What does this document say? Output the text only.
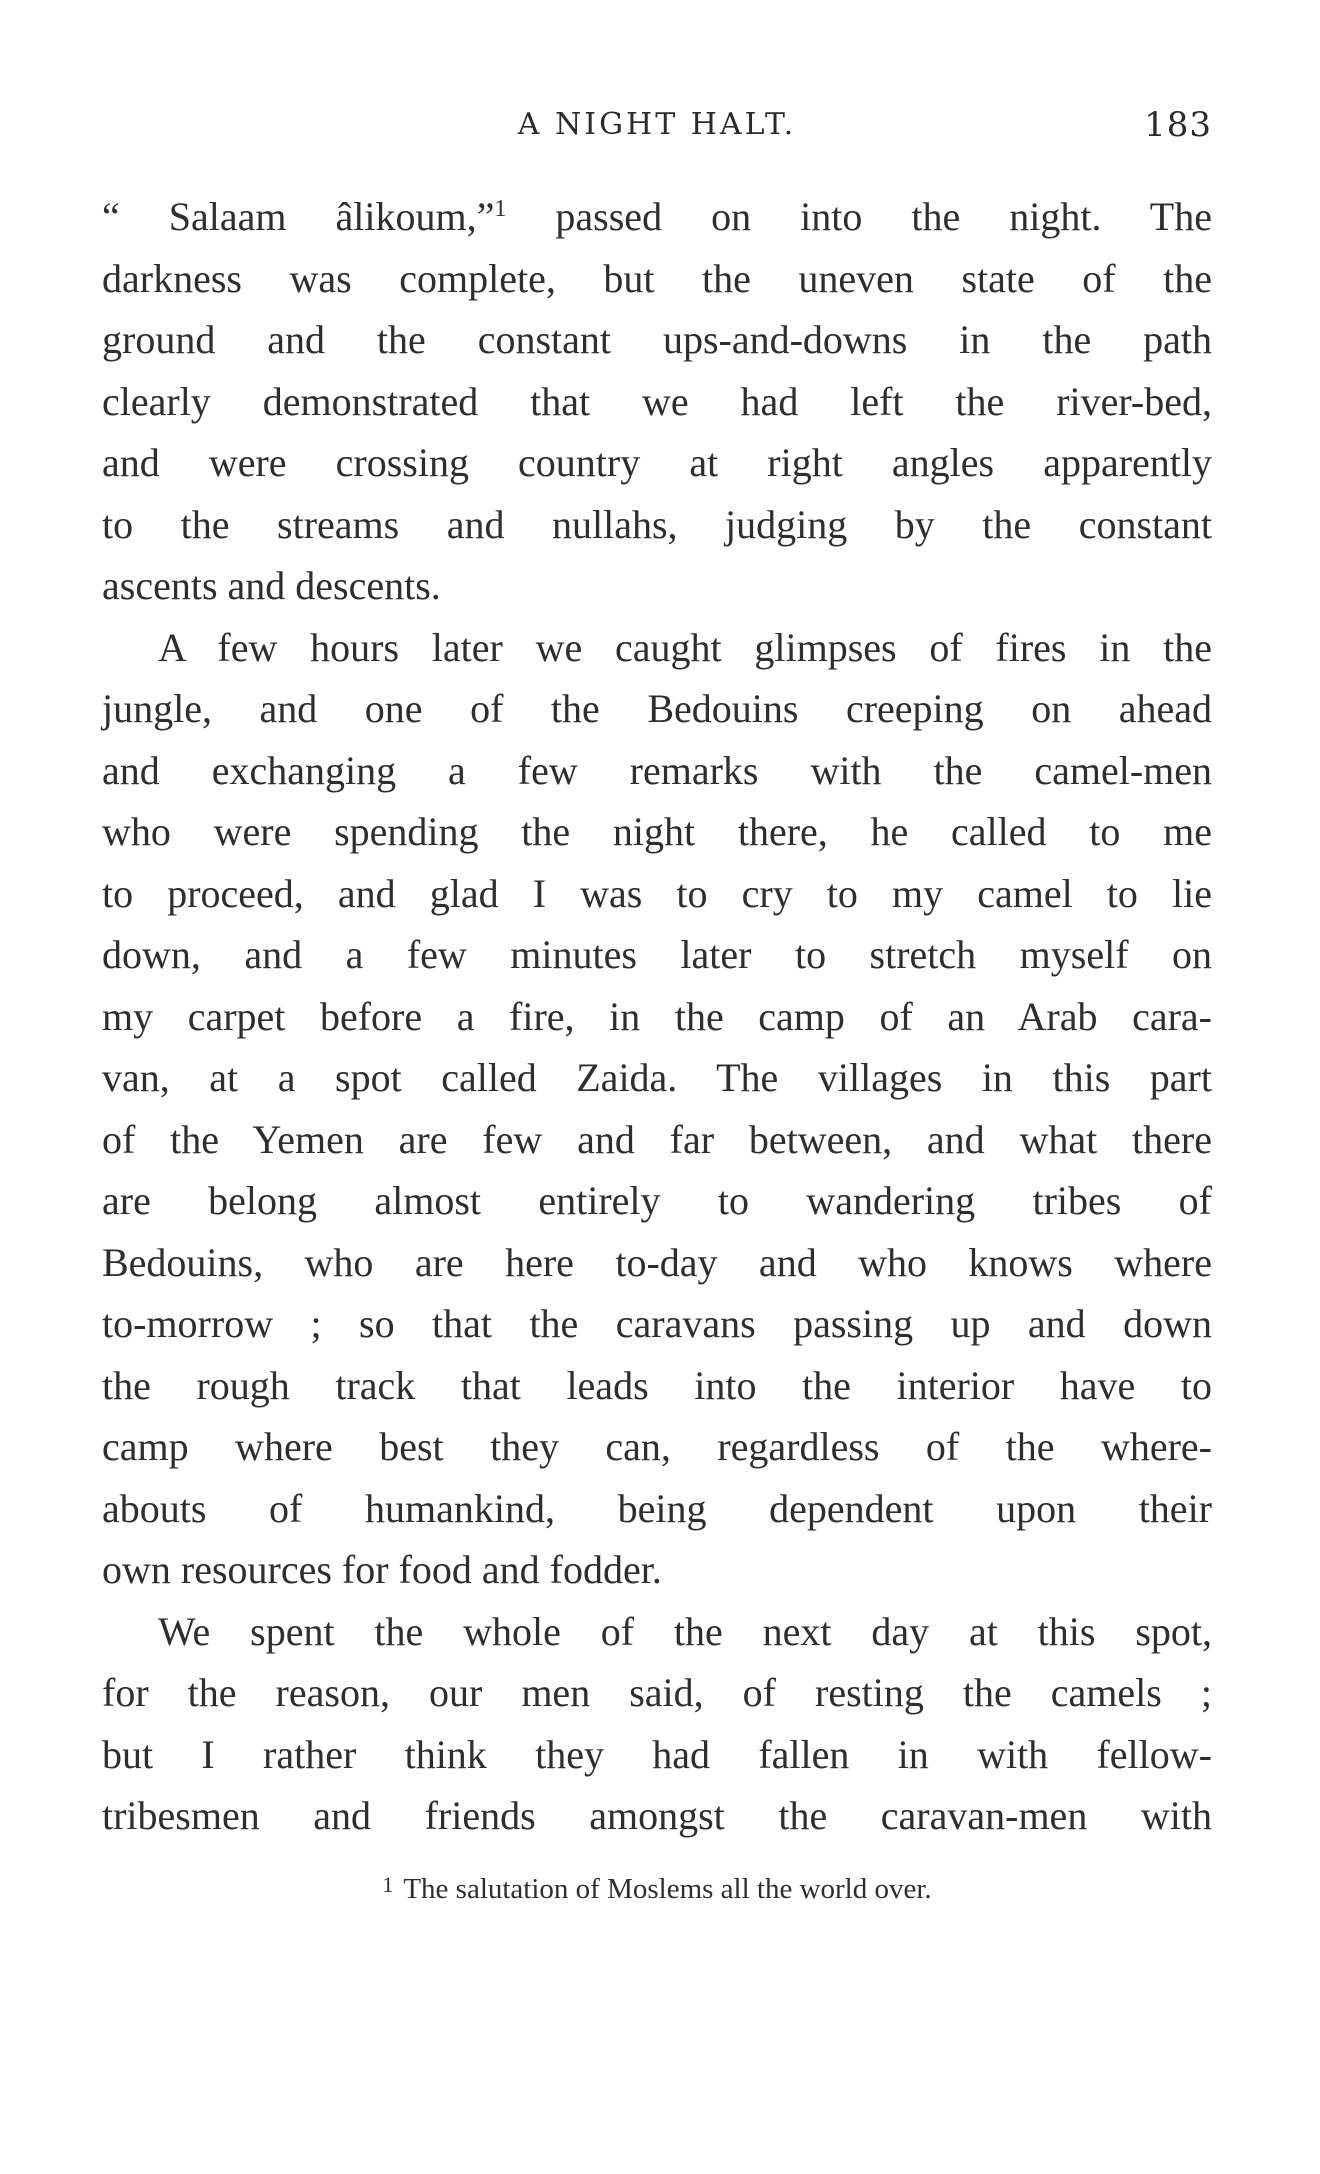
A NIGHT HALT.	183
“ Salaam âlikoum,”$^1$ passed on into the night. The
darkness was complete, but the uneven state of the
ground and the constant ups-and-downs in the path
clearly demonstrated that we had left the river-bed,
and were crossing country at right angles apparently
to the streams and nullahs, judging by the constant
ascents and descents.
A few hours later we caught glimpses of fires in the
jungle, and one of the Bedouins creeping on ahead
and exchanging a few remarks with the camel-men
who were spending the night there, he called to me
to proceed, and glad I was to cry to my camel to lie
down, and a few minutes later to stretch myself on
my carpet before a fire, in the camp of an Arab cara-
van, at a spot called Zaida. The villages in this part
of the Yemen are few and far between, and what there
are belong almost entirely to wandering tribes of
Bedouins, who are here to-day and who knows where
to-morrow ; so that the caravans passing up and down
the rough track that leads into the interior have to
camp where best they can, regardless of the where-
abouts of humankind, being dependent upon their
own resources for food and fodder.
We spent the whole of the next day at this spot,
for the reason, our men said, of resting the camels ;
but I rather think they had fallen in with fellow-
tribesmen and friends amongst the caravan-men with
$^1$ The salutation of Moslems all the world over.
